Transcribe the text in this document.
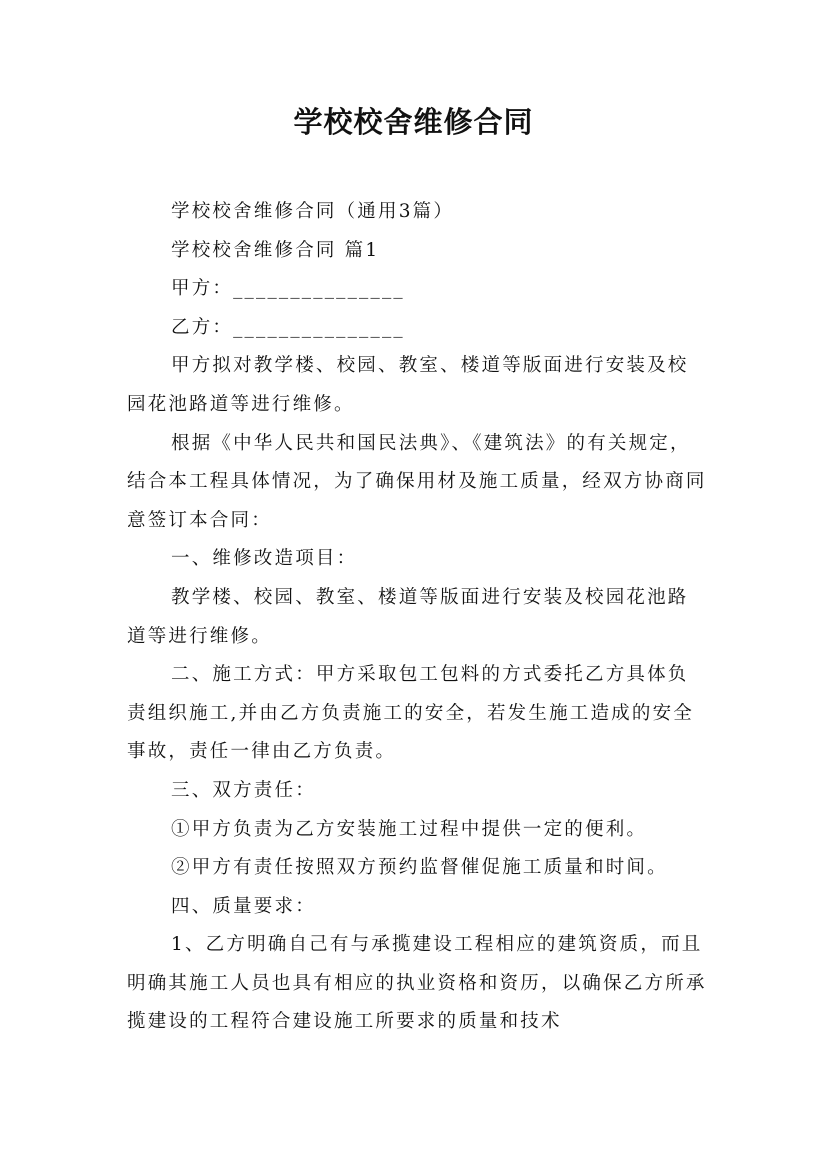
学校校舍维修合同

学校校舍维修合同（通用3篇）

学校校舍维修合同 篇1

甲方：_______________

乙方：_______________

甲方拟对教学楼、校园、教室、楼道等版面进行安装及校园花池路道等进行维修。

根据《中华人民共和国民法典》、《建筑法》的有关规定，结合本工程具体情况，为了确保用材及施工质量，经双方协商同意签订本合同：

一、维修改造项目：

教学楼、校园、教室、楼道等版面进行安装及校园花池路道等进行维修。

二、施工方式：甲方采取包工包料的方式委托乙方具体负责组织施工,并由乙方负责施工的安全，若发生施工造成的安全事故，责任一律由乙方负责。

三、双方责任：

①甲方负责为乙方安装施工过程中提供一定的便利。

②甲方有责任按照双方预约监督催促施工质量和时间。

四、质量要求：

1、乙方明确自己有与承揽建设工程相应的建筑资质，而且明确其施工人员也具有相应的执业资格和资历，以确保乙方所承揽建设的工程符合建设施工所要求的质量和技术
